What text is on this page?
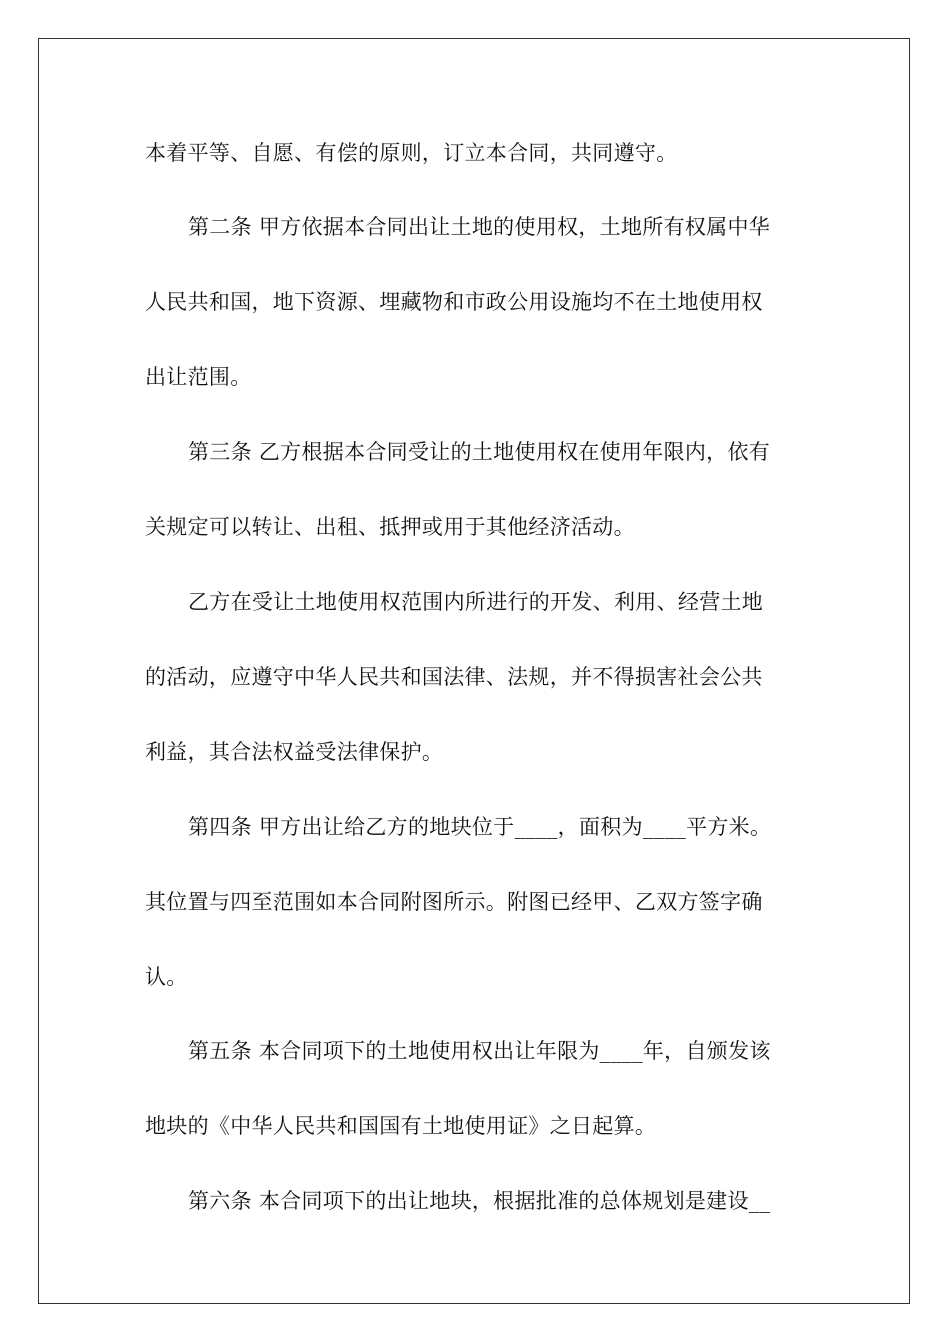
本着平等、自愿、有偿的原则，订立本合同，共同遵守。
第二条 甲方依据本合同出让土地的使用权，土地所有权属中华
人民共和国，地下资源、埋藏物和市政公用设施均不在土地使用权
出让范围。
第三条 乙方根据本合同受让的土地使用权在使用年限内，依有
关规定可以转让、出租、抵押或用于其他经济活动。
乙方在受让土地使用权范围内所进行的开发、利用、经营土地
的活动，应遵守中华人民共和国法律、法规，并不得损害社会公共
利益，其合法权益受法律保护。
第四条 甲方出让给乙方的地块位于____，面积为____平方米。
其位置与四至范围如本合同附图所示。附图已经甲、乙双方签字确
认。
第五条 本合同项下的土地使用权出让年限为____年，自颁发该
地块的《中华人民共和国国有土地使用证》之日起算。
第六条 本合同项下的出让地块，根据批准的总体规划是建设__
